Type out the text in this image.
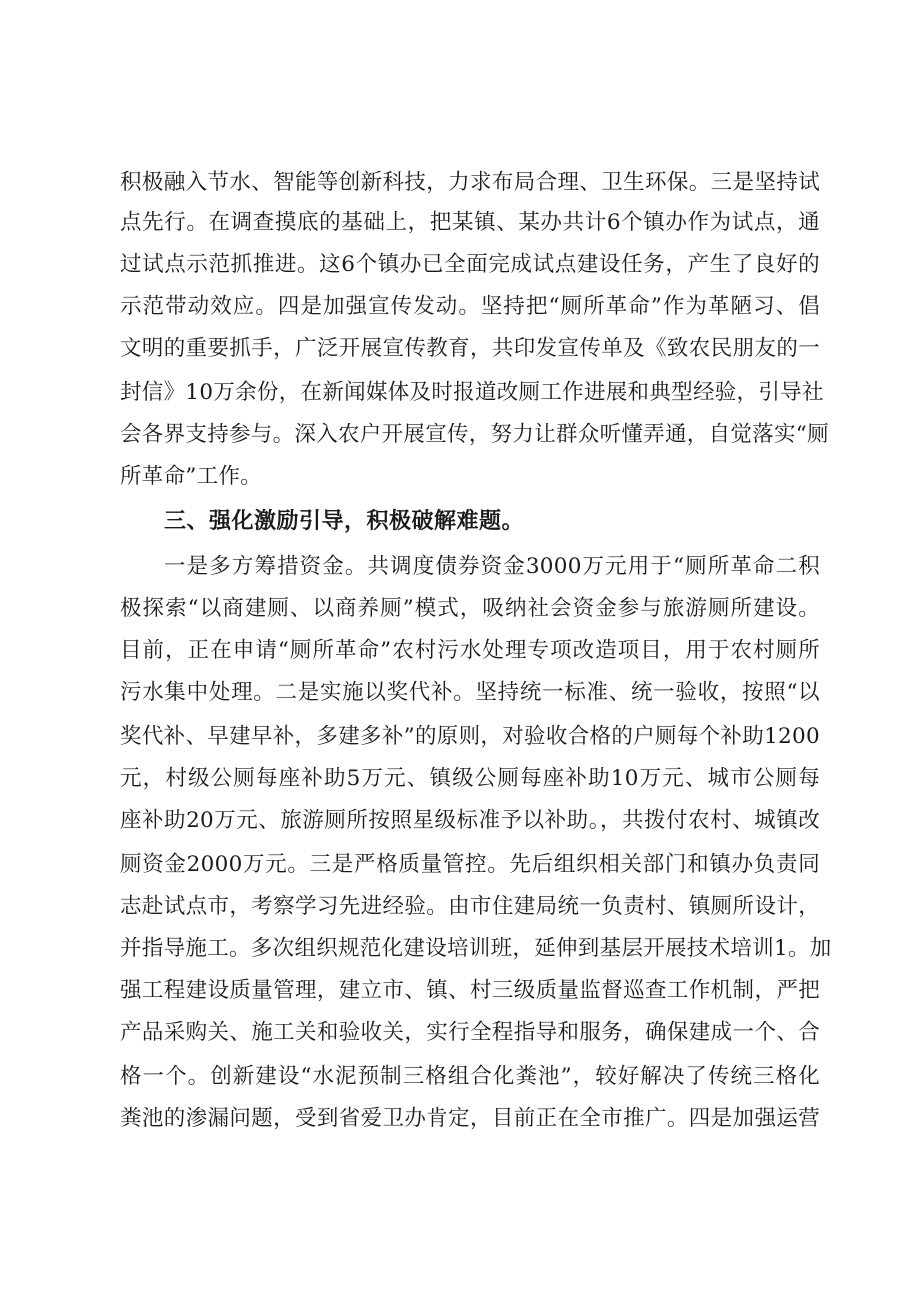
积极融入节水、智能等创新科技，力求布局合理、卫生环保。三是坚持试
点先行。在调查摸底的基础上，把某镇、某办共计6个镇办作为试点，通
过试点示范抓推进。这6个镇办已全面完成试点建设任务，产生了良好的
示范带动效应。四是加强宣传发动。坚持把“厕所革命”作为革陋习、倡
文明的重要抓手，广泛开展宣传教育，共印发宣传单及《致农民朋友的一
封信》10万余份，在新闻媒体及时报道改厕工作进展和典型经验，引导社
会各界支持参与。深入农户开展宣传，努力让群众听懂弄通，自觉落实“厕
所革命”工作。
三、强化激励引导，积极破解难题。
一是多方筹措资金。共调度债券资金3000万元用于“厕所革命二积
极探索“以商建厕、以商养厕”模式，吸纳社会资金参与旅游厕所建设。
目前，正在申请“厕所革命”农村污水处理专项改造项目，用于农村厕所
污水集中处理。二是实施以奖代补。坚持统一标准、统一验收，按照“以
奖代补、早建早补，多建多补”的原则，对验收合格的户厕每个补助1200
元，村级公厕每座补助5万元、镇级公厕每座补助10万元、城市公厕每
座补助20万元、旅游厕所按照星级标准予以补助。，共拨付农村、城镇改
厕资金2000万元。三是严格质量管控。先后组织相关部门和镇办负责同
志赴试点市，考察学习先进经验。由市住建局统一负责村、镇厕所设计，
并指导施工。多次组织规范化建设培训班，延伸到基层开展技术培训1。加
强工程建设质量管理，建立市、镇、村三级质量监督巡查工作机制，严把
产品采购关、施工关和验收关，实行全程指导和服务，确保建成一个、合
格一个。创新建设“水泥预制三格组合化粪池”，较好解决了传统三格化
粪池的渗漏问题，受到省爱卫办肯定，目前正在全市推广。四是加强运营
